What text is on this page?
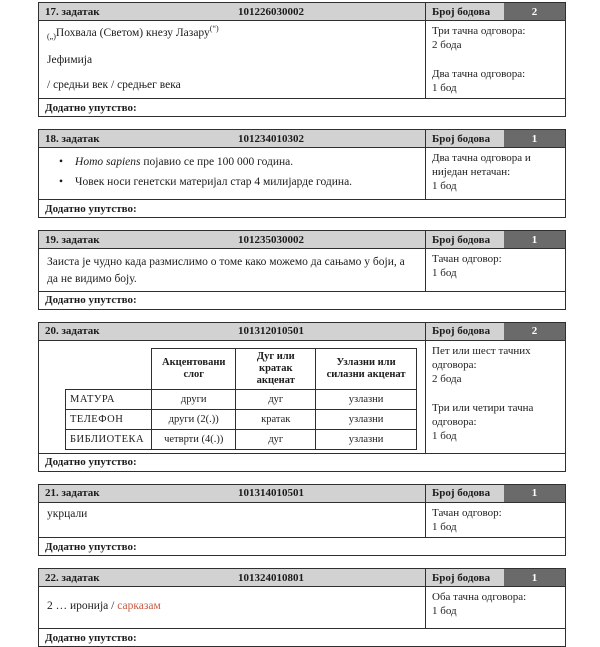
17. задатак	101226030002	Број бодова	2
$_{(„)}$Похвала (Светом) кнезу Лазару(“)
Јефимија
/ средњи век / средњег века
Три тачна одговора:
2 бода
Два тачна одговора:
1 бод
Додатно упутство:
18. задатак	101234010302	Број бодова	1
• Homo sapiens појавио се пре 100 000 година.
• Човек носи генетски материјал стар 4 милијарде година.
Два тачна одговора и ниједан нетачан:
1 бод
Додатно упутство:
19. задатак	101235030002	Број бодова	1
Заиста је чудно када размислимо о томе како можемо да сањамо у боји, а да не видимо боју.
Тачан одговор:
1 бод
Додатно упутство:
20. задатак	101312010501	Број бодова	2
	Акцентовани слог	Дуг или кратак акценат	Узлазни или силазни акценат
МАТУРА	други	дуг	узлазни
ТЕЛЕФОН	други (2(.))	кратак	узлазни
БИБЛИОТЕКА	четврти (4(.))	дуг	узлазни
Пет или шест тачних одговора:
2 бода
Три или четири тачна одговора:
1 бод
Додатно упутство:
21. задатак	101314010501	Број бодова	1
укрцали	Тачан одговор:
1 бод
Додатно упутство:
22. задатак	101324010801	Број бодова	1
2 … иронија / сарказам
Оба тачна одговора:
1 бод
Додатно упутство:
